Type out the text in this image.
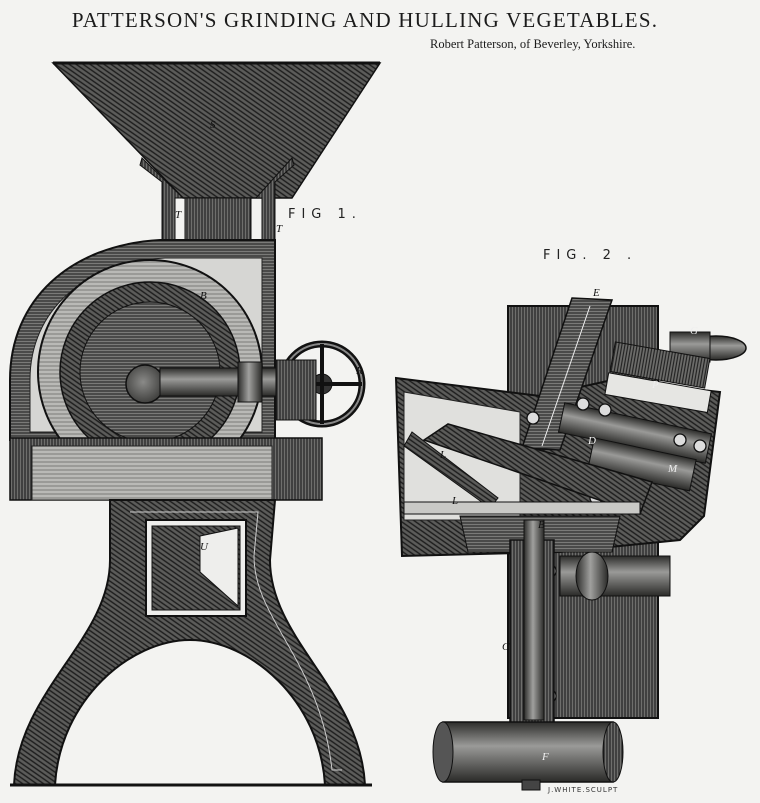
PATTERSON'S GRINDING AND HULLING VEGETABLES.
Robert Patterson, of Beverley, Yorkshire.
FIG 1.
FIG. 2 .
J.WHITE.SCULPT
S
T
T
B
R
U
E
G
P
D
M
L
L
B
C
F
